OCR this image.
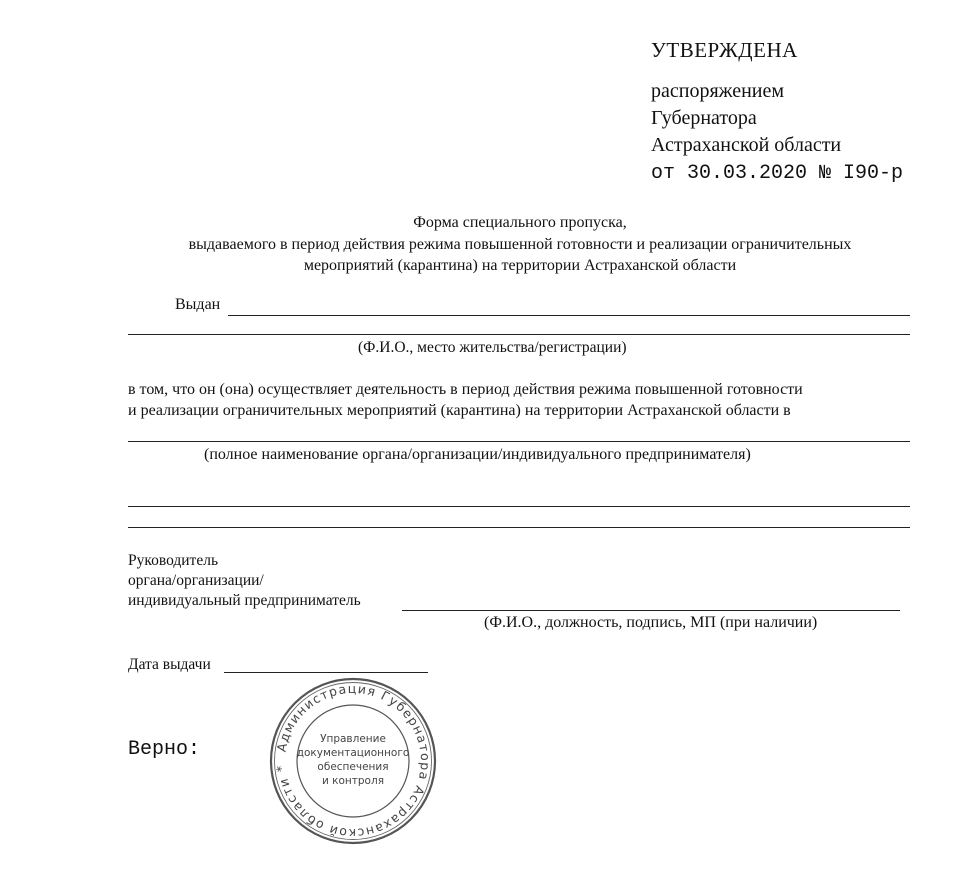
УТВЕРЖДЕНА
распоряжением
Губернатора
Астраханской области
от 30.03.2020 № I90-р
Форма специального пропуска,
выдаваемого в период действия режима повышенной готовности и реализации ограничительных
мероприятий (карантина) на территории Астраханской области
Выдан
(Ф.И.О., место жительства/регистрации)
в том, что он (она) осуществляет деятельность в период действия режима повышенной готовности
и реализации ограничительных мероприятий (карантина) на территории Астраханской области в
(полное наименование органа/организации/индивидуального предпринимателя)
Руководитель
органа/организации/
индивидуальный предприниматель
(Ф.И.О., должность, подпись, МП (при наличии)
Дата выдачи
Верно:	Администрация Губернатора Астраханской области *
Управление
документационного
обеспечения
и контроля
